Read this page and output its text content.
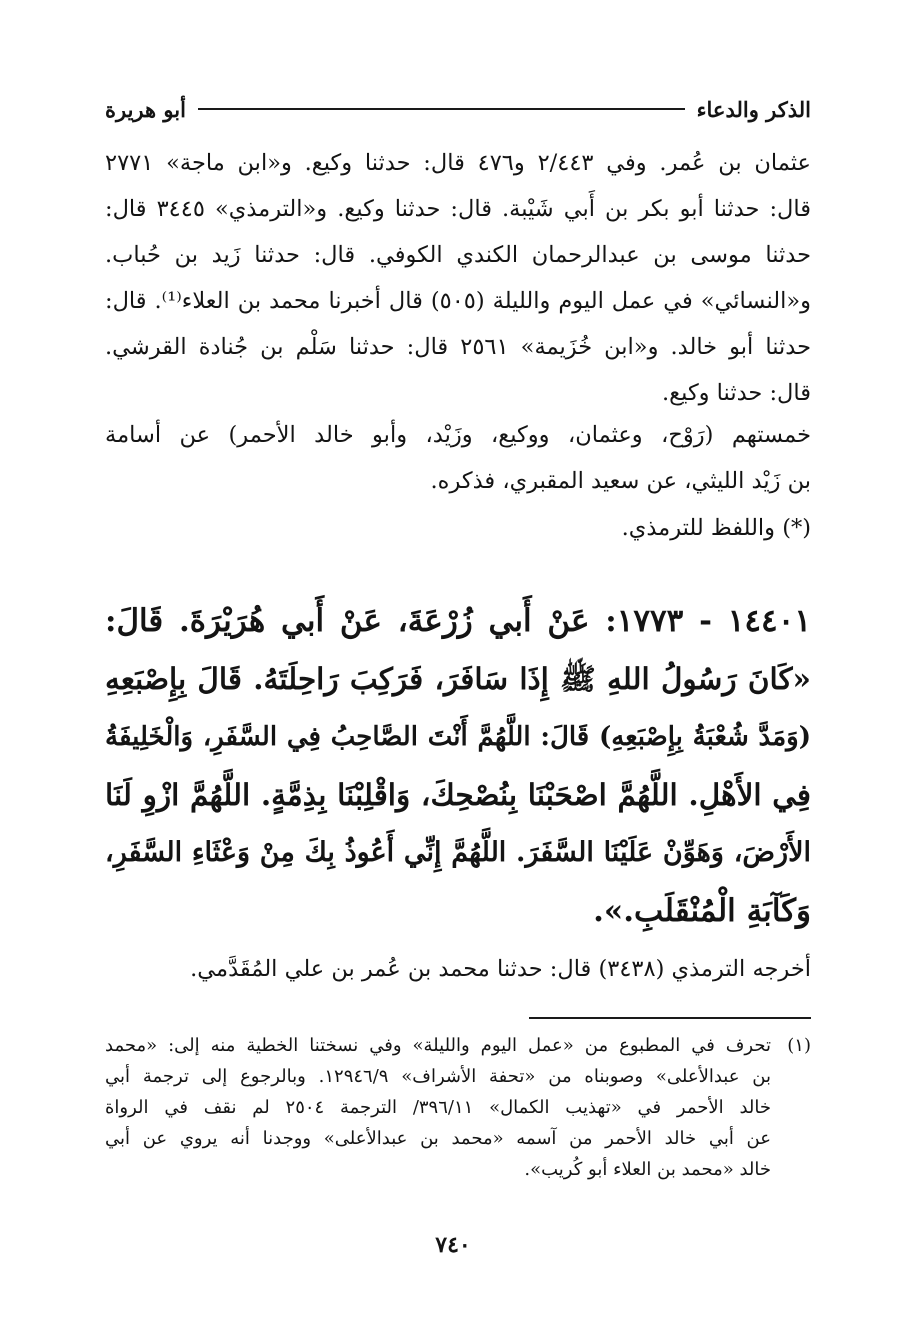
الذكر والدعاء
أبو هريرة
عثمان بن عُمر. وفي ٢/٤٤٣ و٤٧٦ قال: حدثنا وكيع. و«ابن ماجة» ٢٧٧١
قال: حدثنا أبو بكر بن أَبي شَيْبة. قال: حدثنا وكيع. و«الترمذي» ٣٤٤٥ قال:
حدثنا موسى بن عبدالرحمان الكندي الكوفي. قال: حدثنا زَيد بن حُباب.
و«النسائي» في عمل اليوم والليلة (٥٠٥) قال أخبرنا محمد بن العلاء⁽¹⁾. قال:
حدثنا أبو خالد. و«ابن خُزَيمة» ٢٥٦١ قال: حدثنا سَلْم بن جُنادة القرشي.
قال: حدثنا وكيع.
خمستهم (رَوْح، وعثمان، ووكيع، وزَيْد، وأبو خالد الأحمر) عن أسامة
بن زَيْد الليثي، عن سعيد المقبري، فذكره.
(*) واللفظ للترمذي.
١٤٤٠١ - ١٧٧٣: عَنْ أَبي زُرْعَةَ، عَنْ أَبي هُرَيْرَةَ. قَالَ:
«كَانَ رَسُولُ اللهِ ﷺ إِذَا سَافَرَ، فَرَكِبَ رَاحِلَتَهُ. قَالَ بِإِصْبَعِهِ
(وَمَدَّ شُعْبَةُ بِإِصْبَعِهِ) قَالَ: اللَّهُمَّ أَنْتَ الصَّاحِبُ فِي السَّفَرِ، وَالْخَلِيفَةُ
فِي الأَهْلِ. اللَّهُمَّ اصْحَبْنَا بِنُصْحِكَ، وَاقْلِبْنَا بِذِمَّةٍ. اللَّهُمَّ ازْوِ لَنَا
الأَرْضَ، وَهَوِّنْ عَلَيْنَا السَّفَرَ. اللَّهُمَّ إِنِّي أَعُوذُ بِكَ مِنْ وَعْثَاءِ السَّفَرِ،
وَكَآبَةِ الْمُنْقَلَبِ.».
أخرجه الترمذي (٣٤٣٨) قال: حدثنا محمد بن عُمر بن علي المُقَدَّمي.
(١)
تحرف في المطبوع من «عمل اليوم والليلة» وفي نسختنا الخطية منه إلى: «محمد
بن عبدالأعلى» وصوبناه من «تحفة الأشراف» ١٢٩٤٦/٩. وبالرجوع إلى ترجمة أبي
خالد الأحمر في «تهذيب الكمال» ٣٩٦/١١/ الترجمة ٢٥٠٤ لم نقف في الرواة
عن أبي خالد الأحمر من آسمه «محمد بن عبدالأعلى» ووجدنا أنه يروي عن أبي
خالد «محمد بن العلاء أبو كُريب».
٧٤٠
